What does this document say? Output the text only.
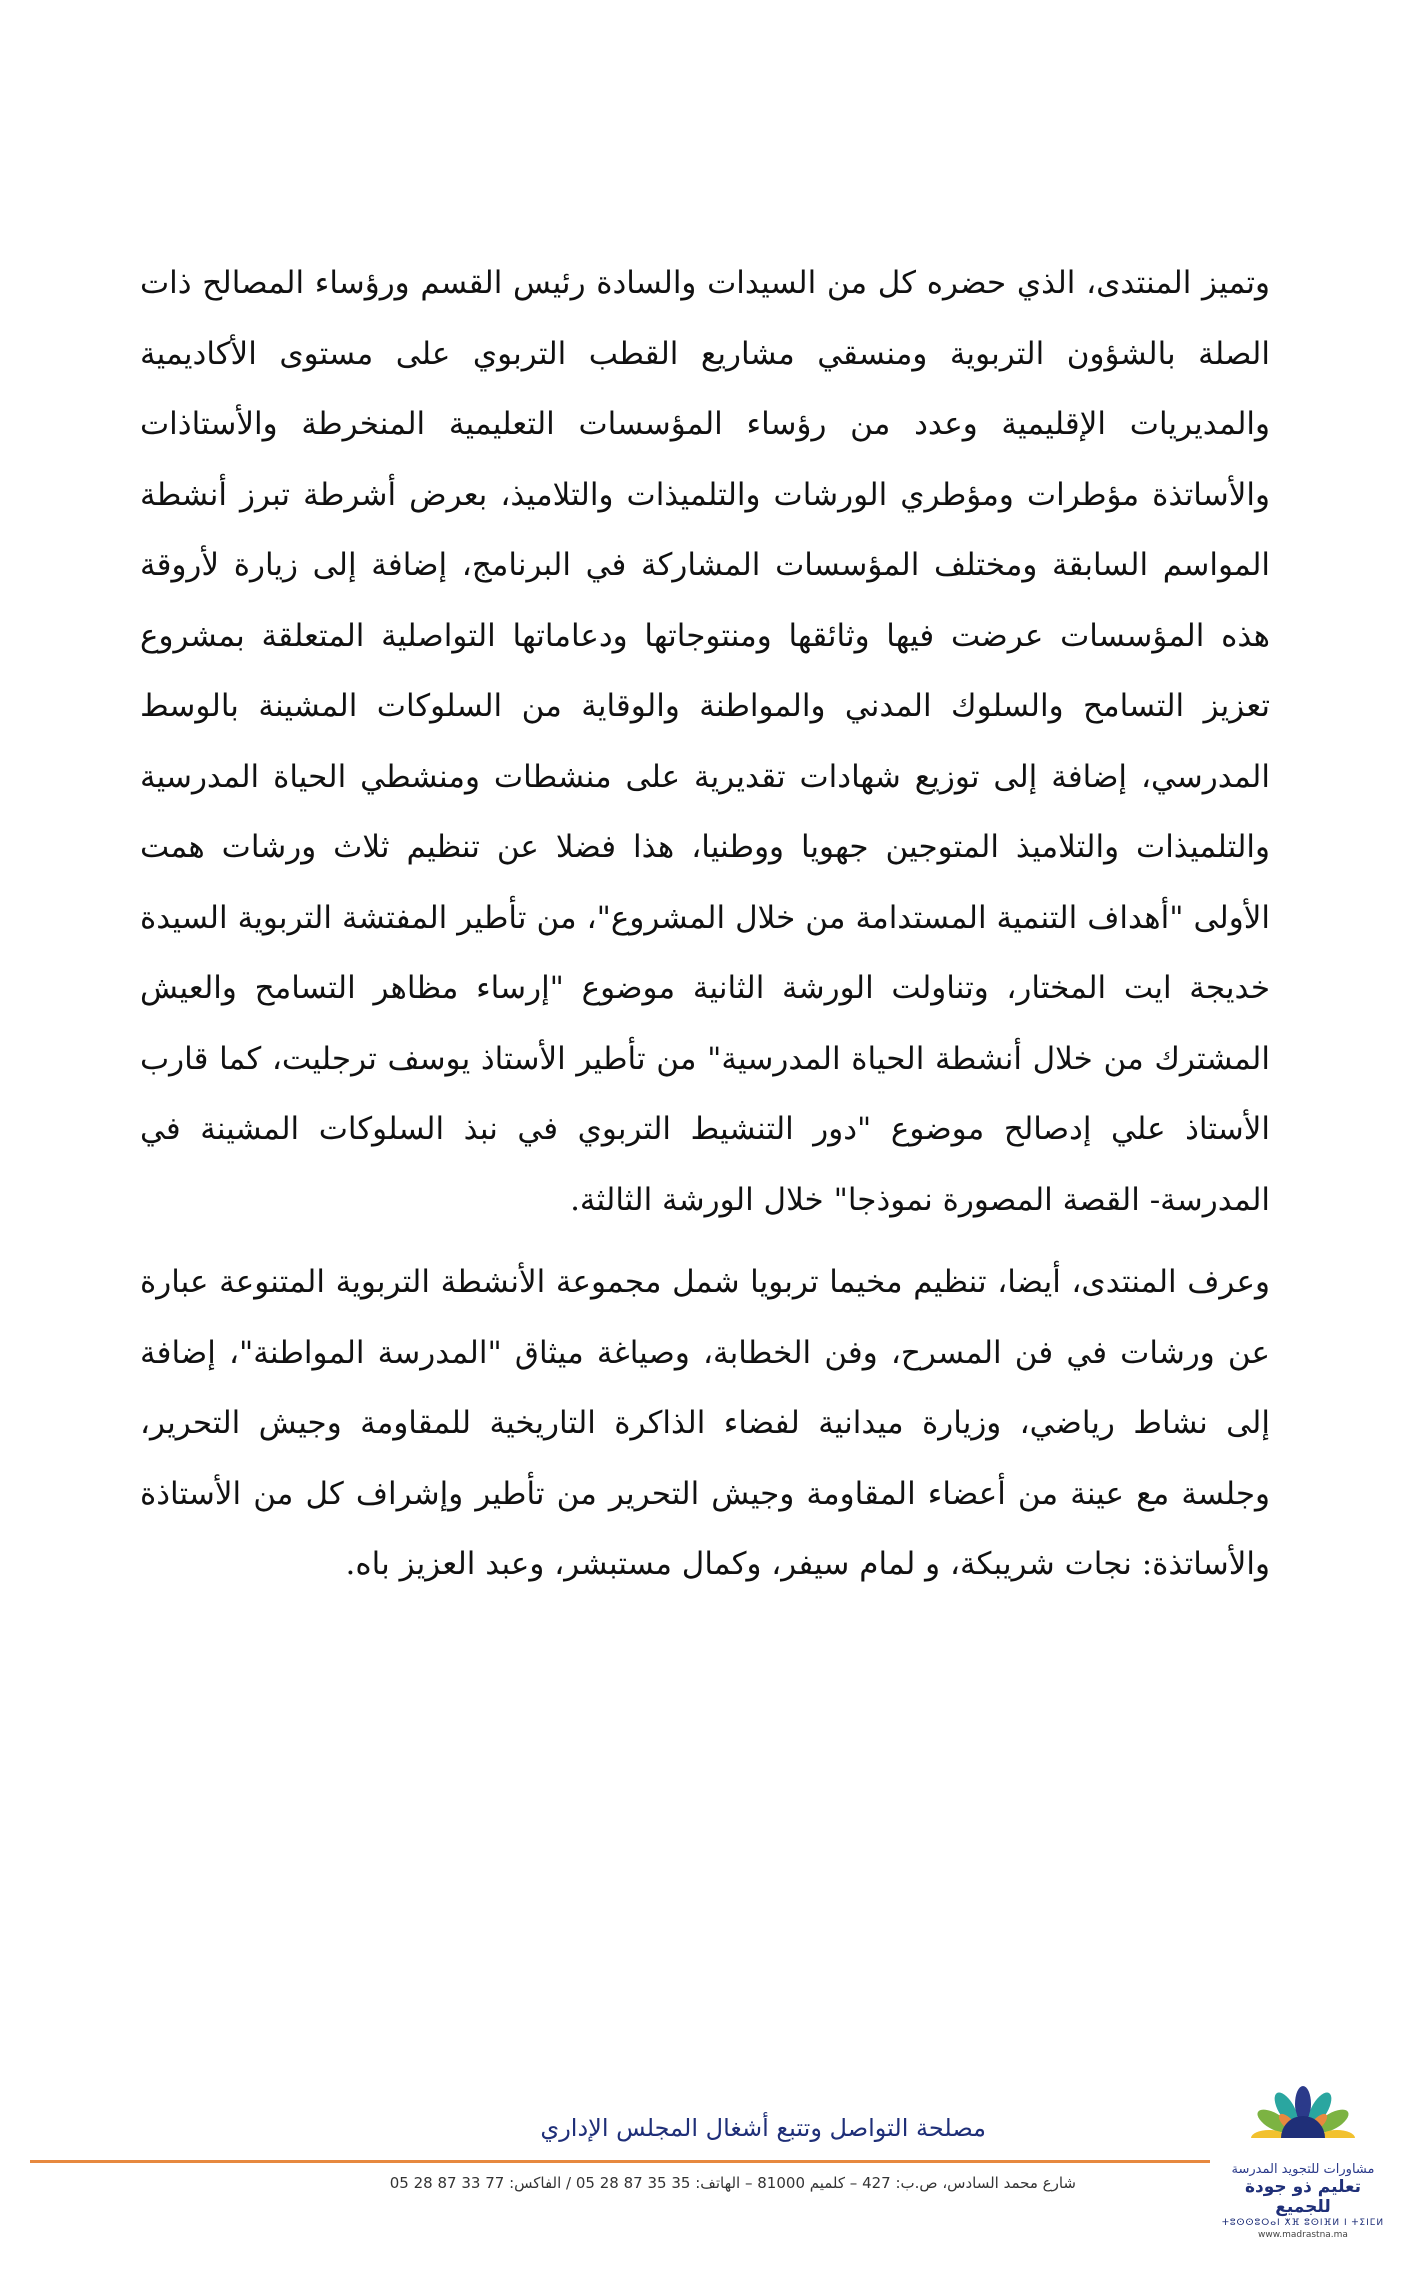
وتميز المنتدى، الذي حضره كل من السيدات والسادة رئيس القسم ورؤساء المصالح ذات الصلة بالشؤون التربوية ومنسقي مشاريع القطب التربوي على مستوى الأكاديمية والمديريات الإقليمية وعدد من رؤساء المؤسسات التعليمية المنخرطة والأستاذات والأساتذة مؤطرات ومؤطري الورشات والتلميذات والتلاميذ، بعرض أشرطة تبرز أنشطة المواسم السابقة ومختلف المؤسسات المشاركة في البرنامج، إضافة إلى زيارة لأروقة هذه المؤسسات عرضت فيها وثائقها ومنتوجاتها ودعاماتها التواصلية المتعلقة بمشروع تعزيز التسامح والسلوك المدني والمواطنة والوقاية من السلوكات المشينة بالوسط المدرسي، إضافة إلى توزيع شهادات تقديرية على منشطات ومنشطي الحياة المدرسية والتلميذات والتلاميذ المتوجين جهويا ووطنيا، هذا فضلا عن تنظيم ثلاث ورشات همت الأولى "أهداف التنمية المستدامة من خلال المشروع"، من تأطير المفتشة التربوية السيدة خديجة ايت المختار، وتناولت الورشة الثانية موضوع "إرساء مظاهر التسامح والعيش المشترك من خلال أنشطة الحياة المدرسية" من تأطير الأستاذ يوسف ترجليت، كما قارب الأستاذ علي إدصالح موضوع "دور التنشيط التربوي في نبذ السلوكات المشينة في المدرسة- القصة المصورة نموذجا" خلال الورشة الثالثة.

وعرف المنتدى، أيضا، تنظيم مخيما تربويا شمل مجموعة الأنشطة التربوية المتنوعة عبارة عن ورشات في فن المسرح، وفن الخطابة، وصياغة ميثاق "المدرسة المواطنة"، إضافة إلى نشاط رياضي، وزيارة ميدانية لفضاء الذاكرة التاريخية للمقاومة وجيش التحرير، وجلسة مع عينة من أعضاء المقاومة وجيش التحرير من تأطير وإشراف كل من الأستاذة والأساتذة: نجات شريبكة، و لمام سيفر، وكمال مستبشر، وعبد العزيز باه.

مصلحة التواصل وتتبع أشغال المجلس الإداري
شارع محمد السادس، ص.ب: 427 – كلميم 81000 – الهاتف: 35 35 87 28 05 / الفاكس: 77 33 87 28 05
مشاورات للتجويد المدرسة
تعليم ذو جودة للجميع
ⵜⵓⵙⵙⵓⵔⴰⵏ ⵅⴼ ⵓⵙⵏⴼⵍ ⵏ ⵜⵉⵏⵎⵍ
www.madrastna.ma
